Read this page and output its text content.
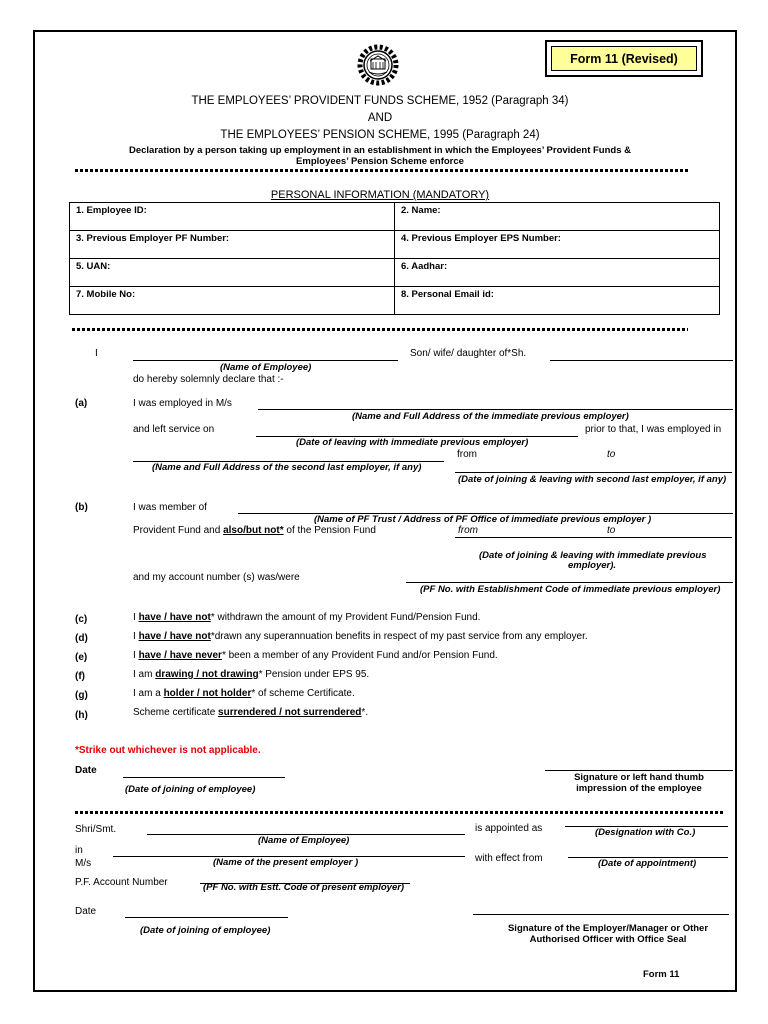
Form 11 (Revised)
THE EMPLOYEES’ PROVIDENT FUNDS SCHEME, 1952 (Paragraph 34)
AND
THE EMPLOYEES’ PENSION SCHEME, 1995 (Paragraph 24)
Declaration by a person taking up employment in an establishment in which the Employees’ Provident Funds &
Employees’ Pension Scheme enforce
PERSONAL INFORMATION (MANDATORY)
1. Employee ID:	2. Name:
3. Previous Employer PF Number:	4. Previous Employer EPS Number:
5. UAN:	6. Aadhar:
7. Mobile No:	8. Personal Email id:
I	Son/ wife/ daughter of*Sh.
(Name of Employee)
do hereby solemnly declare that :-
(a)	I was employed in M/s
(Name and Full Address of the immediate previous employer)
and left service on	prior to that, I was employed in
(Date of leaving with immediate previous employer)
from	to
(Name and Full Address of the second last employer, if any)
(Date of joining & leaving with second last employer, if any)
(b)	I was member of
(Name of PF Trust / Address of PF Office of immediate previous employer )
Provident Fund and also/but not* of the Pension Fund	from	to
(Date of joining & leaving with immediate previous
employer).
and my account number (s) was/were
(PF No. with Establishment Code of immediate previous employer)
(c)	I have / have not* withdrawn the amount of my Provident Fund/Pension Fund.
(d)	I have / have not*drawn any superannuation benefits in respect of my past service from any employer.
(e)	I have / have never* been a member of any Provident Fund and/or Pension Fund.
(f)	I am drawing / not drawing* Pension under EPS 95.
(g)	I am a holder / not holder* of scheme Certificate.
(h)	Scheme certificate surrendered / not surrendered*.
*Strike out whichever is not applicable.
Date
(Date of joining of employee)
Signature or left hand thumb
impression of the employee
Shri/Smt.
(Name of Employee)
is appointed as	(Designation with Co.)
in
M/s	(Name of the present employer )	with effect from	(Date of appointment)
P.F. Account Number	(PF No. with Estt. Code of present employer)
Date
(Date of joining of employee)	Signature of the Employer/Manager or Other
Authorised Officer with Office Seal
Form 11
